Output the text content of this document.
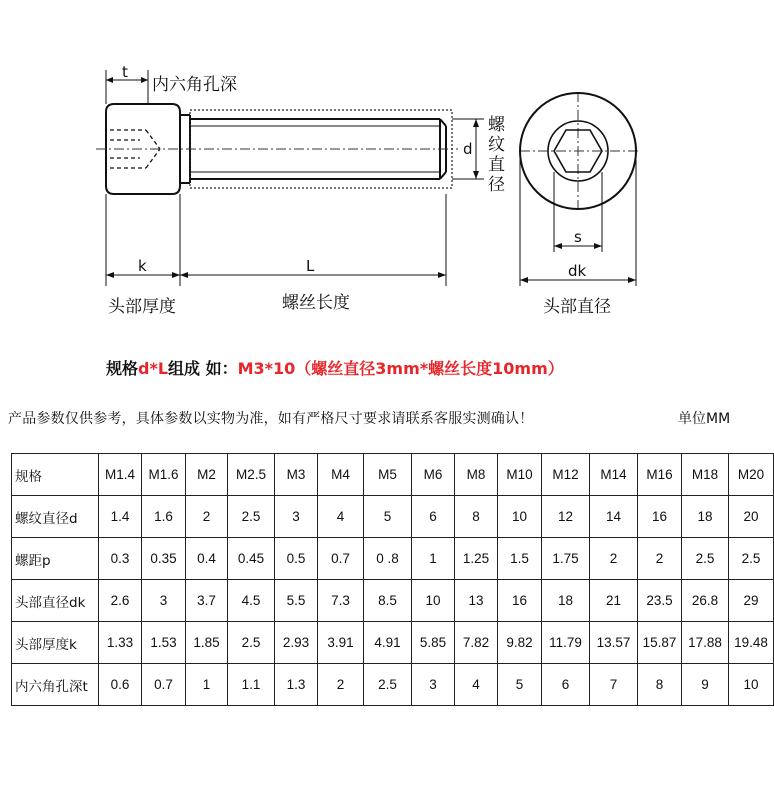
t
内六角孔深
d
螺纹直径
k	L
s
dk
头部厚度	螺丝长度	头部直径
规格d*L组成 如：M3*10（螺丝直径3mm*螺丝长度10mm）
产品参数仅供参考，具体参数以实物为准，如有严格尺寸要求请联系客服实测确认！	单位MM
规格	M1.4	M1.6	M2	M2.5	M3	M4	M5	M6	M8	M10	M12	M14	M16	M18	M20
螺纹直径d	1.4	1.6	2	2.5	3	4	5	6	8	10	12	14	16	18	20
螺距p	0.3	0.35	0.4	0.45	0.5	0.7	0 .8	1	1.25	1.5	1.75	2	2	2.5	2.5
头部直径dk	2.6	3	3.7	4.5	5.5	7.3	8.5	10	13	16	18	21	23.5	26.8	29
头部厚度k	1.33	1.53	1.85	2.5	2.93	3.91	4.91	5.85	7.82	9.82	11.79	13.57	15.87	17.88	19.48
内六角孔深t	0.6	0.7	1	1.1	1.3	2	2.5	3	4	5	6	7	8	9	10
